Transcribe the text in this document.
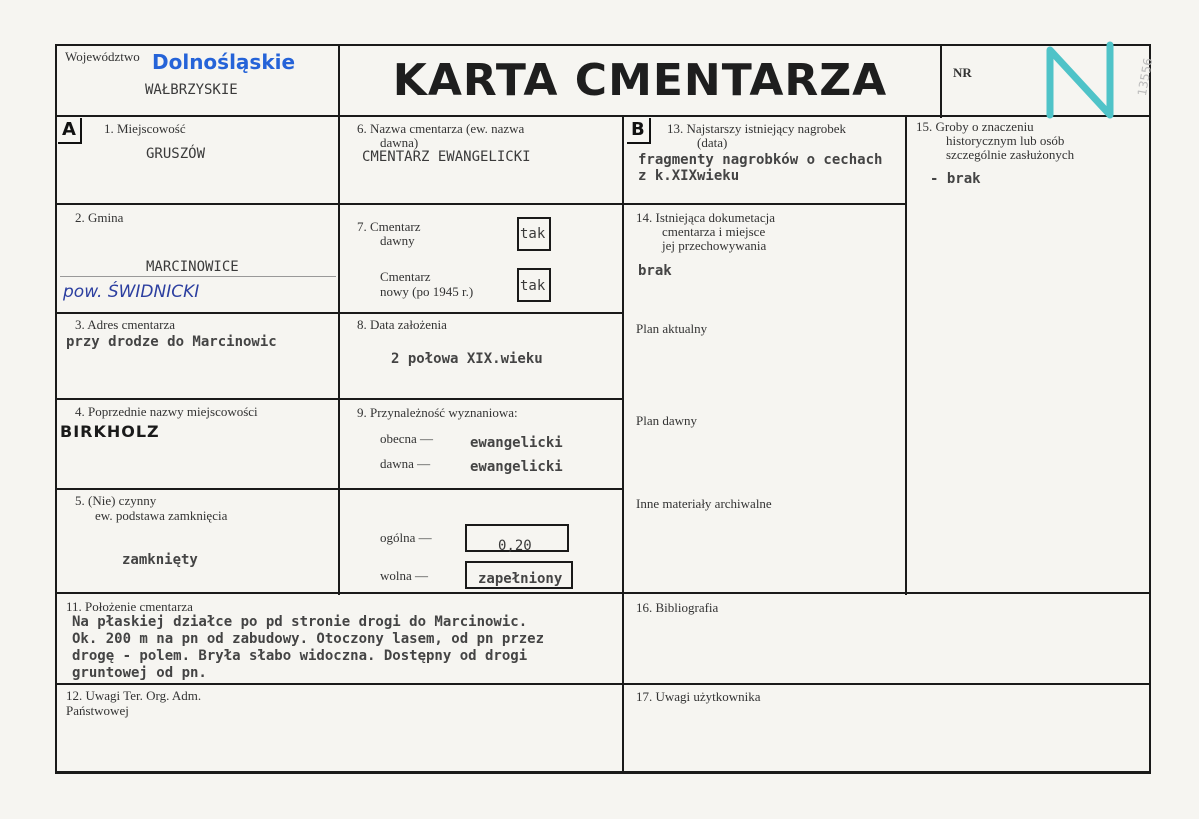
Województwo Dolnośląskie
WAŁBRZYSKIE	KARTA CMENTARZA	NR	13556
A	B
1. Miejscowość
GRUSZÓW
2. Gmina
MARCINOWICE
pow. ŚWIDNICKI
3. Adres cmentarza
przy drodze do Marcinowic
4. Poprzednie nazwy miejscowości
BIRKHOLZ
5. (Nie) czynny
ew. podstawa zamknięcia
zamknięty
6. Nazwa cmentarza (ew. nazwa
dawna)
CMENTARZ EWANGELICKI
7. Cmentarz
dawny	tak
Cmentarz
nowy (po 1945 r.)	tak
8. Data założenia
2 połowa XIX.wieku
9. Przynależność wyznaniowa:
obecna —	ewangelicki
dawna —	ewangelicki
ogólna —
0,20
wolna —	zapełniony
11. Położenie cmentarza
Na płaskiej działce po pd stronie drogi do Marcinowic.
Ok. 200 m na pn od zabudowy. Otoczony lasem, od pn przez
drogę - polem. Bryła słabo widoczna. Dostępny od drogi
gruntowej od pn.
12. Uwagi Ter. Org. Adm.
Państwowej
13. Najstarszy istniejący nagrobek
(data)
fragmenty nagrobków o cechach
z k.XIXwieku
14. Istniejąca dokumetacja
cmentarza i miejsce
jej przechowywania
brak
Plan aktualny
Plan dawny
Inne materiały archiwalne
15. Groby o znaczeniu
historycznym lub osób
szczególnie zasłużonych
- brak
16. Bibliografia
17. Uwagi użytkownika
